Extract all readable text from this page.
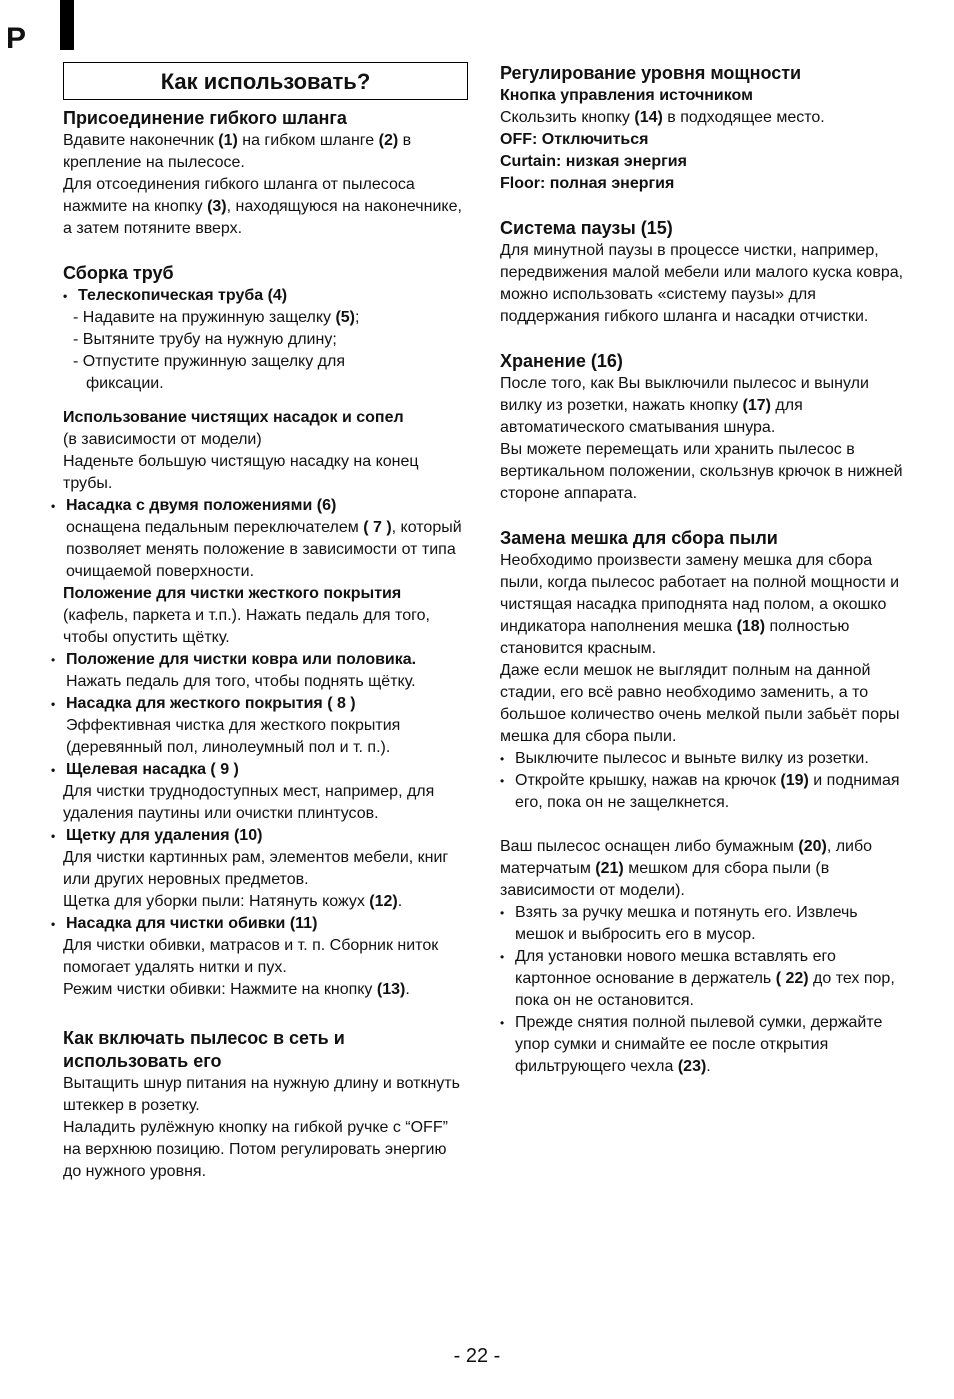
P
Как использовать?
Присоединение гибкого шланга
Вдавите наконечник (1) на гибком шланге (2) в крепление на пылесосе.
Для отсоединения гибкого шланга от пылесоса нажмите на кнопку (3), находящуюся на наконечнике, а затем потяните вверх.
Сборка труб
• Телескопическая труба (4)
- Надавите на пружинную защелку (5);
- Вытяните трубу на нужную длину;
- Отпустите пружинную защелку для
фиксации.
Использование чистящих насадок и сопел
(в зависимости от модели)
Наденьте большую чистящую насадку на конец трубы.
• Насадка с двумя положениями (6)
оснащена педальным переключателем ( 7 ), который позволяет менять положение в зависимости от типа очищаемой поверхности.
Положение для чистки жесткого покрытия
(кафель, паркета и т.п.). Нажать педаль для того, чтобы опустить щётку.
• Положение для чистки ковра или половика. Нажать педаль для того, чтобы поднять щётку.
• Насадка для жесткого покрытия ( 8 )
Эффективная чистка для жесткого покрытия (деревянный пол, линолеумный пол и т. п.).
• Щелевая насадка ( 9 )
Для чистки труднодоступных мест, например, для удаления паутины или очистки плинтусов.
• Щетку для удаления (10)
Для чистки картинных рам, элементов мебели, книг или других неровных предметов.
Щетка для уборки пыли: Натянуть кожух (12).
• Насадка для чистки обивки (11)
Для чистки обивки, матрасов и т. п. Сборник ниток помогает удалять нитки и пух.
Режим чистки обивки: Нажмите на кнопку (13).
Как включать пылесос в сеть и использовать его
Вытащить шнур питания на нужную длину и воткнуть штеккер в розетку.
Наладить рулёжную кнопку на гибкой ручке с “OFF” на верхнюю позицию. Потом регулировать энергию до нужного уровня.
Регулирование уровня мощности
Кнопка управления источником
Скользить кнопку (14) в подходящее место.
OFF: Отключиться
Curtain: низкая энергия
Floor: полная энергия
Система паузы (15)
Для минутной паузы в процессе чистки, например, передвижения малой мебели или малого куска ковра, можно использовать «систему паузы» для поддержания гибкого шланга и насадки отчистки.
Хранение (16)
После того, как Вы выключили пылесос и вынули вилку из розетки, нажать кнопку (17) для автоматического сматывания шнура.
Вы можете перемещать или хранить пылесос в вертикальном положении, скользнув крючок в нижней стороне аппарата.
Замена мешка для сбора пыли
Необходимо произвести замену мешка для сбора пыли, когда пылесос работает на полной мощности и чистящая насадка приподнята над полом, а окошко индикатора наполнения мешка (18) полностью становится красным.
Даже если мешок не выглядит полным на данной стадии, его всё равно необходимо заменить, а то большое количество очень мелкой пыли забьёт поры мешка для сбора пыли.
• Выключите пылесос и выньте вилку из розетки.
• Откройте крышку, нажав на крючок (19) и поднимая его, пока он не защелкнется.
Ваш пылесос оснащен либо бумажным (20), либо матерчатым (21) мешком для сбора пыли (в зависимости от модели).
• Взять за ручку мешка и потянуть его. Извлечь мешок и выбросить его в мусор.
• Для установки нового мешка вставлять его картонное основание в держатель ( 22) до тех пор, пока он не остановится.
• Прежде снятия полной пылевой сумки, держайте упор сумки и снимайте ее после открытия фильтрующего чехла (23).
- 22 -
